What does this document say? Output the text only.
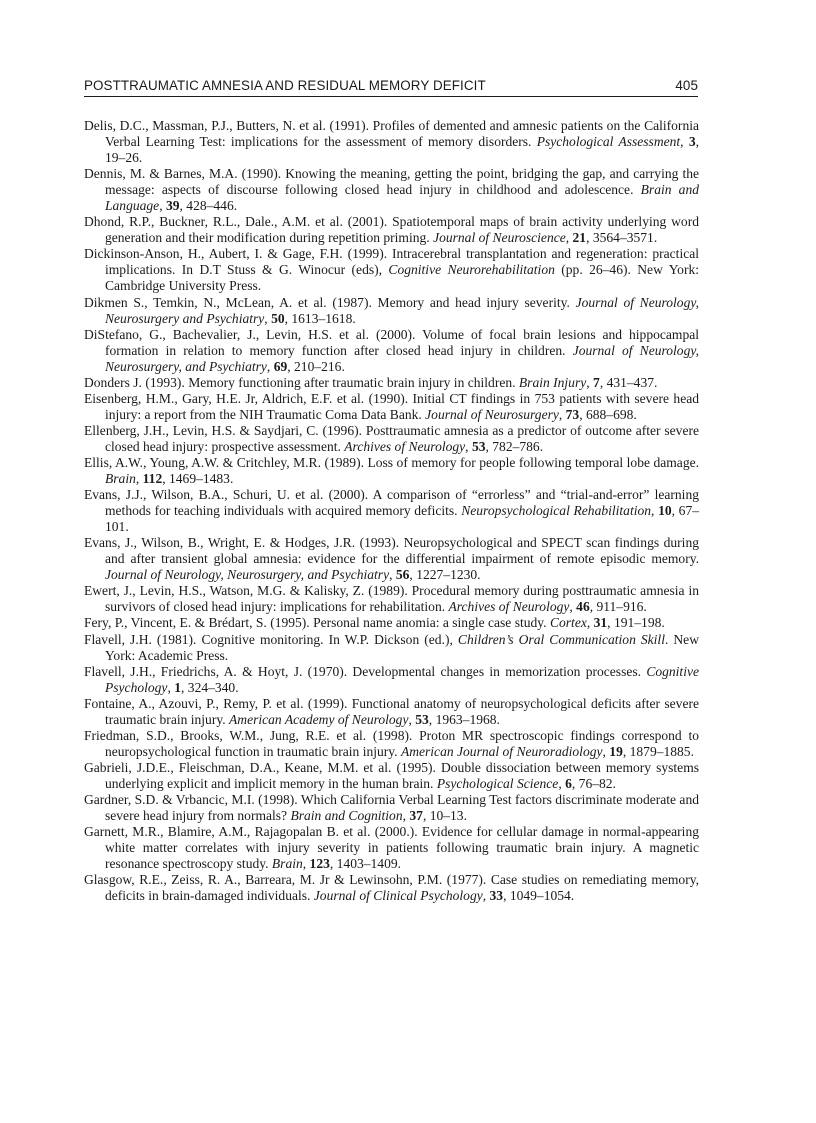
POSTTRAUMATIC AMNESIA AND RESIDUAL MEMORY DEFICIT	405

Delis, D.C., Massman, P.J., Butters, N. et al. (1991). Profiles of demented and amnesic patients on the California Verbal Learning Test: implications for the assessment of memory disorders. Psychological Assessment, 3, 19–26.

Dennis, M. & Barnes, M.A. (1990). Knowing the meaning, getting the point, bridging the gap, and carrying the message: aspects of discourse following closed head injury in childhood and adolescence. Brain and Language, 39, 428–446.

Dhond, R.P., Buckner, R.L., Dale., A.M. et al. (2001). Spatiotemporal maps of brain activity underlying word generation and their modification during repetition priming. Journal of Neuroscience, 21, 3564–3571.

Dickinson-Anson, H., Aubert, I. & Gage, F.H. (1999). Intracerebral transplantation and regeneration: practical implications. In D.T Stuss & G. Winocur (eds), Cognitive Neurorehabilitation (pp. 26–46). New York: Cambridge University Press.

Dikmen S., Temkin, N., McLean, A. et al. (1987). Memory and head injury severity. Journal of Neurology, Neurosurgery and Psychiatry, 50, 1613–1618.

DiStefano, G., Bachevalier, J., Levin, H.S. et al. (2000). Volume of focal brain lesions and hippocampal formation in relation to memory function after closed head injury in children. Journal of Neurology, Neurosurgery, and Psychiatry, 69, 210–216.

Donders J. (1993). Memory functioning after traumatic brain injury in children. Brain Injury, 7, 431–437.

Eisenberg, H.M., Gary, H.E. Jr, Aldrich, E.F. et al. (1990). Initial CT findings in 753 patients with severe head injury: a report from the NIH Traumatic Coma Data Bank. Journal of Neurosurgery, 73, 688–698.

Ellenberg, J.H., Levin, H.S. & Saydjari, C. (1996). Posttraumatic amnesia as a predictor of outcome after severe closed head injury: prospective assessment. Archives of Neurology, 53, 782–786.

Ellis, A.W., Young, A.W. & Critchley, M.R. (1989). Loss of memory for people following temporal lobe damage. Brain, 112, 1469–1483.

Evans, J.J., Wilson, B.A., Schuri, U. et al. (2000). A comparison of “errorless” and “trial-and-error” learning methods for teaching individuals with acquired memory deficits. Neuropsychological Rehabilitation, 10, 67–101.

Evans, J., Wilson, B., Wright, E. & Hodges, J.R. (1993). Neuropsychological and SPECT scan findings during and after transient global amnesia: evidence for the differential impairment of remote episodic memory. Journal of Neurology, Neurosurgery, and Psychiatry, 56, 1227–1230.

Ewert, J., Levin, H.S., Watson, M.G. & Kalisky, Z. (1989). Procedural memory during posttraumatic amnesia in survivors of closed head injury: implications for rehabilitation. Archives of Neurology, 46, 911–916.

Fery, P., Vincent, E. & Brédart, S. (1995). Personal name anomia: a single case study. Cortex, 31, 191–198.

Flavell, J.H. (1981). Cognitive monitoring. In W.P. Dickson (ed.), Children’s Oral Communication Skill. New York: Academic Press.

Flavell, J.H., Friedrichs, A. & Hoyt, J. (1970). Developmental changes in memorization processes. Cognitive Psychology, 1, 324–340.

Fontaine, A., Azouvi, P., Remy, P. et al. (1999). Functional anatomy of neuropsychological deficits after severe traumatic brain injury. American Academy of Neurology, 53, 1963–1968.

Friedman, S.D., Brooks, W.M., Jung, R.E. et al. (1998). Proton MR spectroscopic findings correspond to neuropsychological function in traumatic brain injury. American Journal of Neuroradiology, 19, 1879–1885.

Gabrieli, J.D.E., Fleischman, D.A., Keane, M.M. et al. (1995). Double dissociation between memory systems underlying explicit and implicit memory in the human brain. Psychological Science, 6, 76–82.

Gardner, S.D. & Vrbancic, M.I. (1998). Which California Verbal Learning Test factors discriminate moderate and severe head injury from normals? Brain and Cognition, 37, 10–13.

Garnett, M.R., Blamire, A.M., Rajagopalan B. et al. (2000.). Evidence for cellular damage in normal-appearing white matter correlates with injury severity in patients following traumatic brain injury. A magnetic resonance spectroscopy study. Brain, 123, 1403–1409.

Glasgow, R.E., Zeiss, R. A., Barreara, M. Jr & Lewinsohn, P.M. (1977). Case studies on remediating memory, deficits in brain-damaged individuals. Journal of Clinical Psychology, 33, 1049–1054.
